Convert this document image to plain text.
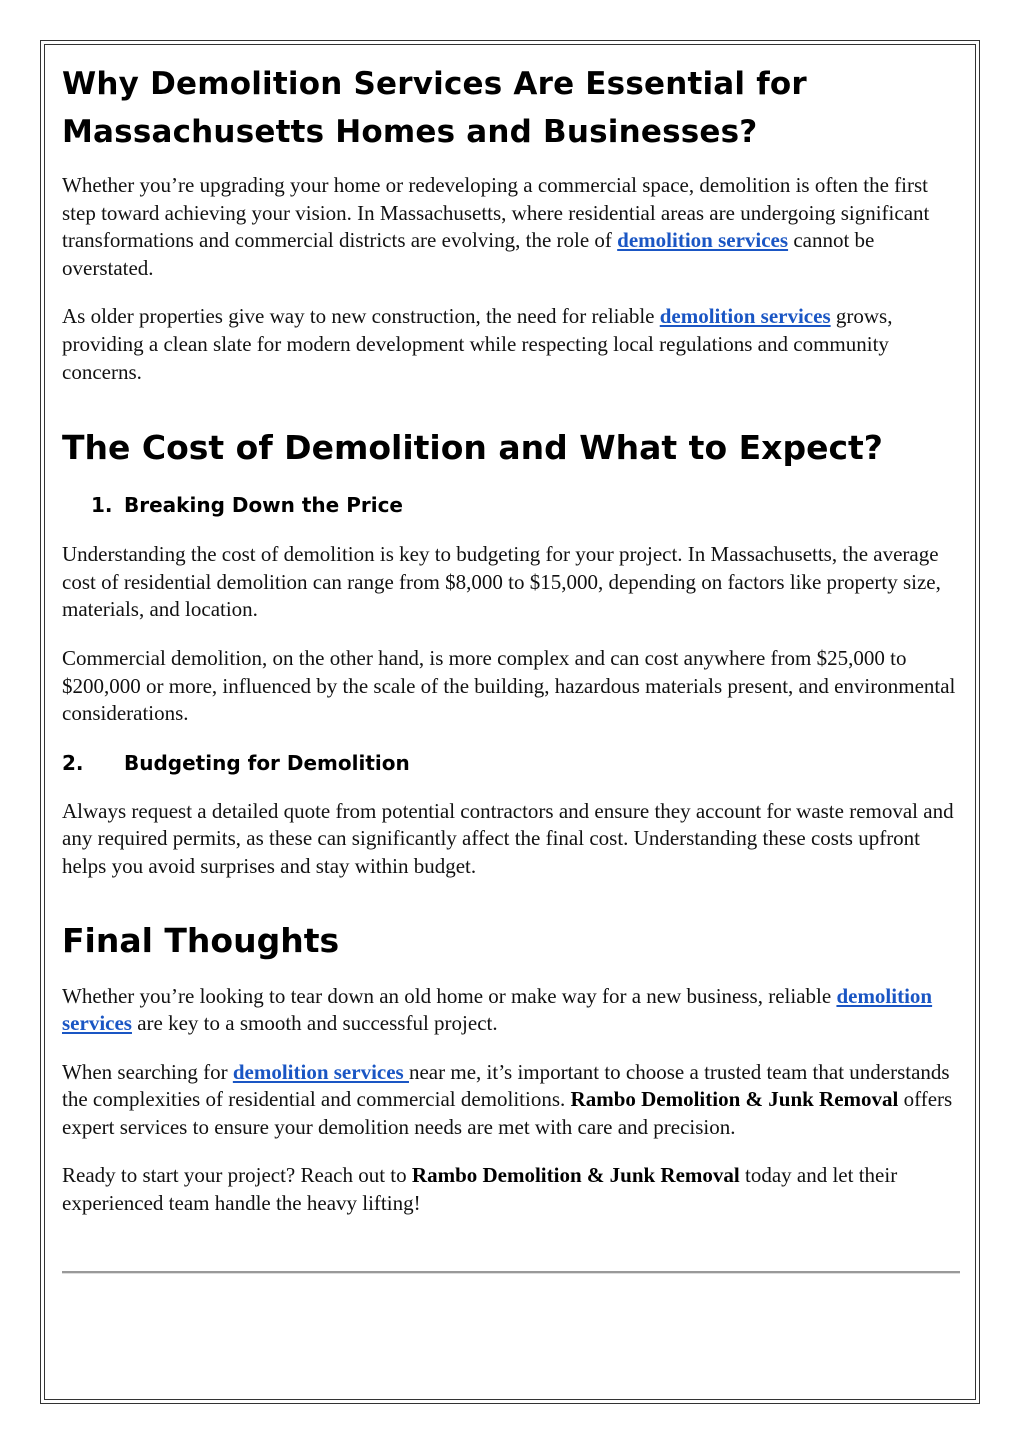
Why Demolition Services Are Essential for Massachusetts Homes and Businesses?

Whether you’re upgrading your home or redeveloping a commercial space, demolition is often the first step toward achieving your vision. In Massachusetts, where residential areas are undergoing significant transformations and commercial districts are evolving, the role of demolition services cannot be overstated.

As older properties give way to new construction, the need for reliable demolition services grows, providing a clean slate for modern development while respecting local regulations and community concerns.

The Cost of Demolition and What to Expect?
1. Breaking Down the Price

Understanding the cost of demolition is key to budgeting for your project. In Massachusetts, the average cost of residential demolition can range from $8,000 to $15,000, depending on factors like property size, materials, and location.

Commercial demolition, on the other hand, is more complex and can cost anywhere from $25,000 to $200,000 or more, influenced by the scale of the building, hazardous materials present, and environmental considerations.

2.	Budgeting for Demolition

Always request a detailed quote from potential contractors and ensure they account for waste removal and any required permits, as these can significantly affect the final cost. Understanding these costs upfront helps you avoid surprises and stay within budget.

Final Thoughts

Whether you’re looking to tear down an old home or make way for a new business, reliable demolition services are key to a smooth and successful project.

When searching for demolition services near me, it’s important to choose a trusted team that understands the complexities of residential and commercial demolitions. Rambo Demolition & Junk Removal offers expert services to ensure your demolition needs are met with care and precision.

Ready to start your project? Reach out to Rambo Demolition & Junk Removal today and let their experienced team handle the heavy lifting!
